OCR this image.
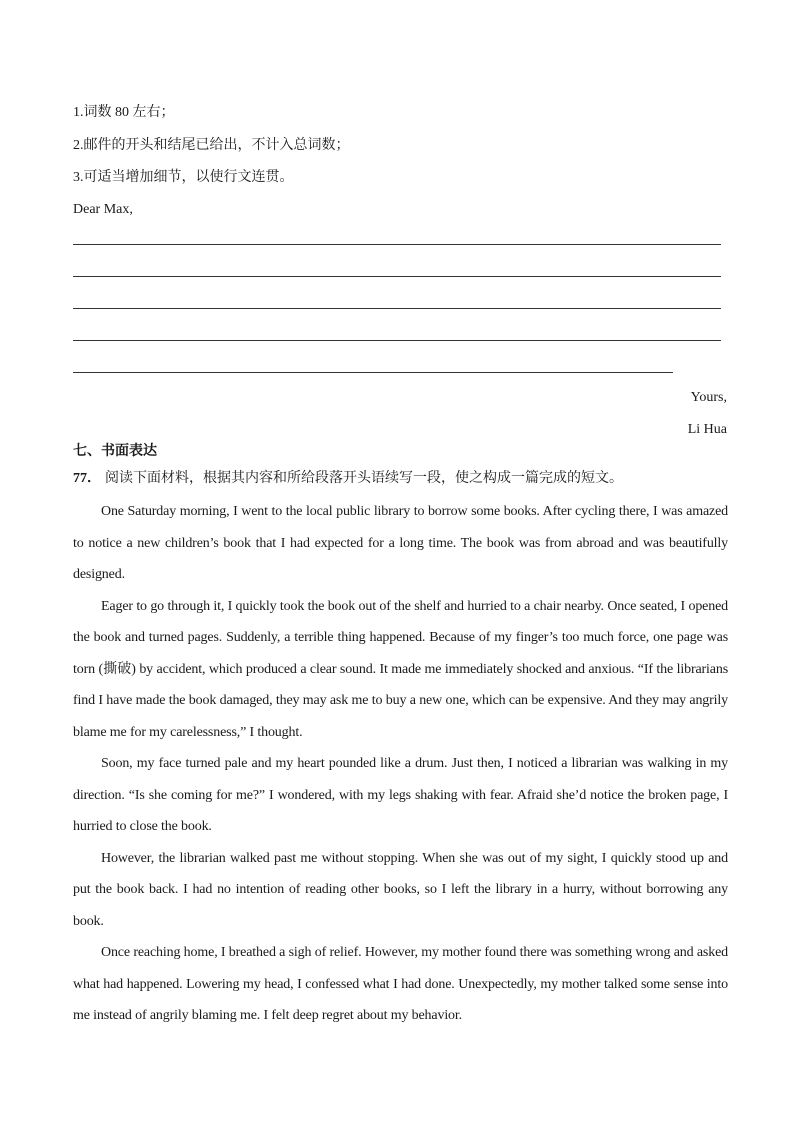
1.词数 80 左右；
2.邮件的开头和结尾已给出，不计入总词数；
3.可适当增加细节，以使行文连贯。
Dear Max,
Yours,
Li Hua
七、书面表达
77． 阅读下面材料，根据其内容和所给段落开头语续写一段，使之构成一篇完成的短文。

One Saturday morning, I went to the local public library to borrow some books. After cycling there, I was amazed to notice a new children’s book that I had expected for a long time. The book was from abroad and was beautifully designed.

Eager to go through it, I quickly took the book out of the shelf and hurried to a chair nearby. Once seated, I opened the book and turned pages. Suddenly, a terrible thing happened. Because of my finger’s too much force, one page was torn (撕破) by accident, which produced a clear sound. It made me immediately shocked and anxious. “If the librarians find I have made the book damaged, they may ask me to buy a new one, which can be expensive. And they may angrily blame me for my carelessness,” I thought.

Soon, my face turned pale and my heart pounded like a drum. Just then, I noticed a librarian was walking in my direction. “Is she coming for me?” I wondered, with my legs shaking with fear. Afraid she’d notice the broken page, I hurried to close the book.

However, the librarian walked past me without stopping. When she was out of my sight, I quickly stood up and put the book back. I had no intention of reading other books, so I left the library in a hurry, without borrowing any book.

Once reaching home, I breathed a sigh of relief. However, my mother found there was something wrong and asked what had happened. Lowering my head, I confessed what I had done. Unexpectedly, my mother talked some sense into me instead of angrily blaming me. I felt deep regret about my behavior.
